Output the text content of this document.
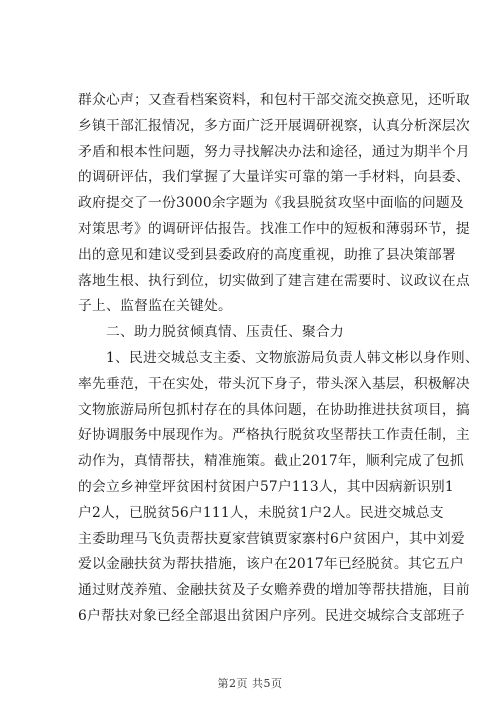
群众心声；又查看档案资料，和包村干部交流交换意见，还听取
乡镇干部汇报情况，多方面广泛开展调研视察，认真分析深层次
矛盾和根本性问题，努力寻找解决办法和途径，通过为期半个月
的调研评估，我们掌握了大量详实可靠的第一手材料，向县委、
政府提交了一份3000余字题为《我县脱贫攻坚中面临的问题及
对策思考》的调研评估报告。找准工作中的短板和薄弱环节，提
出的意见和建议受到县委政府的高度重视，助推了县决策部署
落地生根、执行到位，切实做到了建言建在需要时、议政议在点
子上、监督监在关键处。
二、助力脱贫倾真情、压责任、聚合力
1、民进交城总支主委、文物旅游局负责人韩文彬以身作则、
率先垂范，干在实处，带头沉下身子，带头深入基层，积极解决
文物旅游局所包抓村存在的具体问题，在协助推进扶贫项目，搞
好协调服务中展现作为。严格执行脱贫攻坚帮扶工作责任制，主
动作为，真情帮扶，精准施策。截止2017年，顺利完成了包抓
的会立乡神堂坪贫困村贫困户57户113人，其中因病新识别1
户2人，已脱贫56户111人，未脱贫1户2人。民进交城总支
主委助理马飞负责帮扶夏家营镇贾家寨村6户贫困户，其中刘爱
爱以金融扶贫为帮扶措施，该户在2017年已经脱贫。其它五户
通过财茂养殖、金融扶贫及子女赡养费的增加等帮扶措施，目前
6户帮扶对象已经全部退出贫困户序列。民进交城综合支部班子
第2页 共5页
